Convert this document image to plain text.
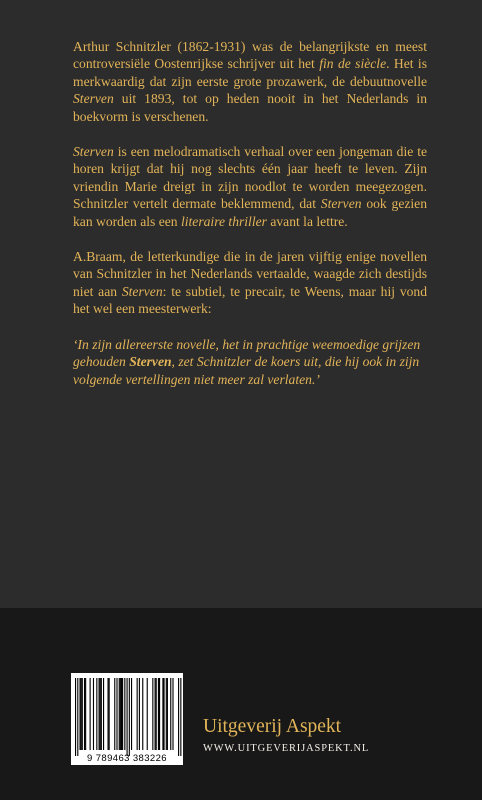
Arthur Schnitzler (1862-1931) was de belangrijkste en meest controversiële Oostenrijkse schrijver uit het fin de siècle. Het is merkwaardig dat zijn eerste grote prozawerk, de debuutnovelle Sterven uit 1893, tot op heden nooit in het Nederlands in boekvorm is verschenen.

Sterven is een melodramatisch verhaal over een jongeman die te horen krijgt dat hij nog slechts één jaar heeft te leven. Zijn vriendin Marie dreigt in zijn noodlot te worden meegezogen. Schnitzler vertelt dermate beklemmend, dat Sterven ook gezien kan worden als een literaire thriller avant la lettre.

A.Braam, de letterkundige die in de jaren vijftig enige novellen van Schnitzler in het Nederlands vertaalde, waagde zich destijds niet aan Sterven: te subtiel, te precair, te Weens, maar hij vond het wel een meesterwerk:

‘In zijn allereerste novelle, het in prachtige weemoedige grijzen gehouden Sterven, zet Schnitzler de koers uit, die hij ook in zijn volgende vertellingen niet meer zal verlaten.’

9 789463 383226
Uitgeverij Aspekt
WWW.UITGEVERIJASPEKT.NL
